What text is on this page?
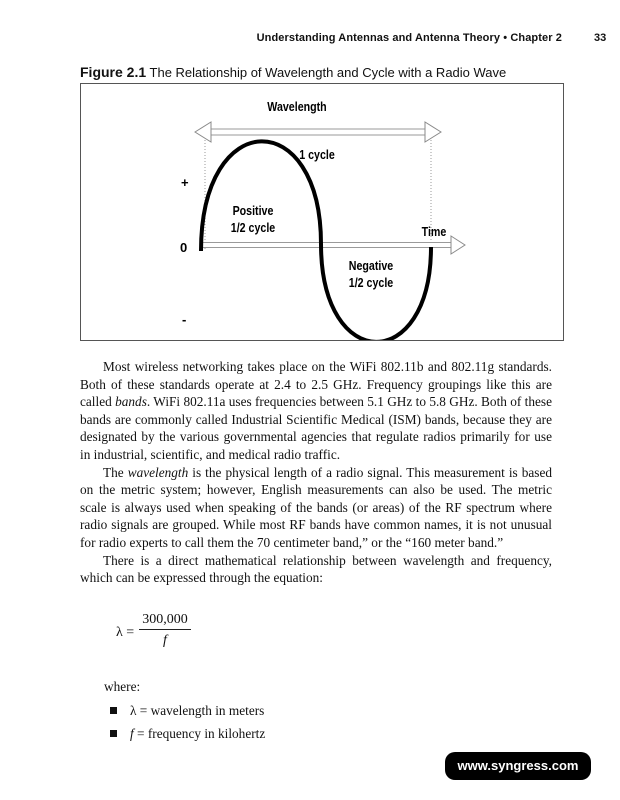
Understanding Antennas and Antenna Theory • Chapter 2	33
Figure 2.1 The Relationship of Wavelength and Cycle with a Radio Wave
Wavelength
1 cycle
+
0
-
Positive
1/2 cycle
Negative
1/2 cycle
Time

Most wireless networking takes place on the WiFi 802.11b and 802.11g standards. Both of these standards operate at 2.4 to 2.5 GHz. Frequency groupings like this are called bands. WiFi 802.11a uses frequencies between 5.1 GHz to 5.8 GHz. Both of these bands are commonly called Industrial Scientific Medical (ISM) bands, because they are designated by the various governmental agencies that regulate radios primarily for use in industrial, scientific, and medical radio traffic.

The wavelength is the physical length of a radio signal. This measurement is based on the metric system; however, English measurements can also be used. The metric scale is always used when speaking of the bands (or areas) of the RF spectrum where radio signals are grouped. While most RF bands have common names, it is not unusual for radio experts to call them the 70 centimeter band,” or the “160 meter band.”

There is a direct mathematical relationship between wavelength and frequency, which can be expressed through the equation:

$\lambda = \frac{300,000}{f}$
where:
λ = wavelength in meters
f = frequency in kilohertz
www.syngress.com
